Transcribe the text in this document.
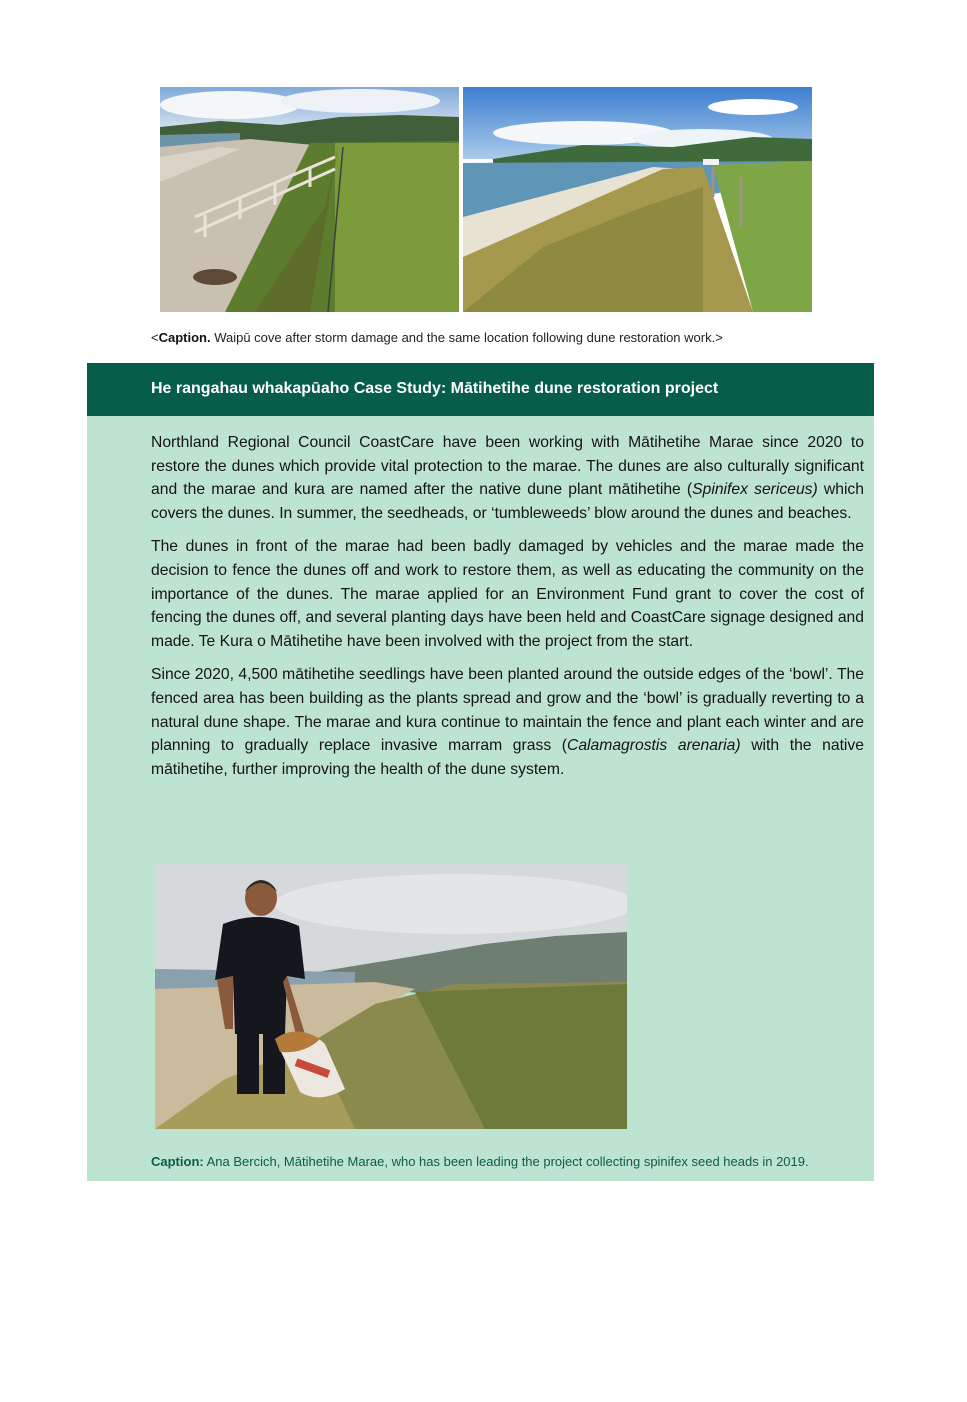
<Caption. Waipū cove after storm damage and the same location following dune restoration work.>
He rangahau whakapūaho Case Study: Mātihetihe dune restoration project

Northland Regional Council CoastCare have been working with Mātihetihe Marae since 2020 to restore the dunes which provide vital protection to the marae. The dunes are also culturally significant and the marae and kura are named after the native dune plant mātihetihe (Spinifex sericeus) which covers the dunes. In summer, the seedheads, or ‘tumbleweeds’ blow around the dunes and beaches.

The dunes in front of the marae had been badly damaged by vehicles and the marae made the decision to fence the dunes off and work to restore them, as well as educating the community on the importance of the dunes. The marae applied for an Environment Fund grant to cover the cost of fencing the dunes off, and several planting days have been held and CoastCare signage designed and made. Te Kura o Mātihetihe have been involved with the project from the start.

Since 2020, 4,500 mātihetihe seedlings have been planted around the outside edges of the ‘bowl’. The fenced area has been building as the plants spread and grow and the ‘bowl’ is gradually reverting to a natural dune shape. The marae and kura continue to maintain the fence and plant each winter and are planning to gradually replace invasive marram grass (Calamagrostis arenaria) with the native mātihetihe, further improving the health of the dune system.

Caption: Ana Bercich, Mātihetihe Marae, who has been leading the project collecting spinifex seed heads in 2019.
